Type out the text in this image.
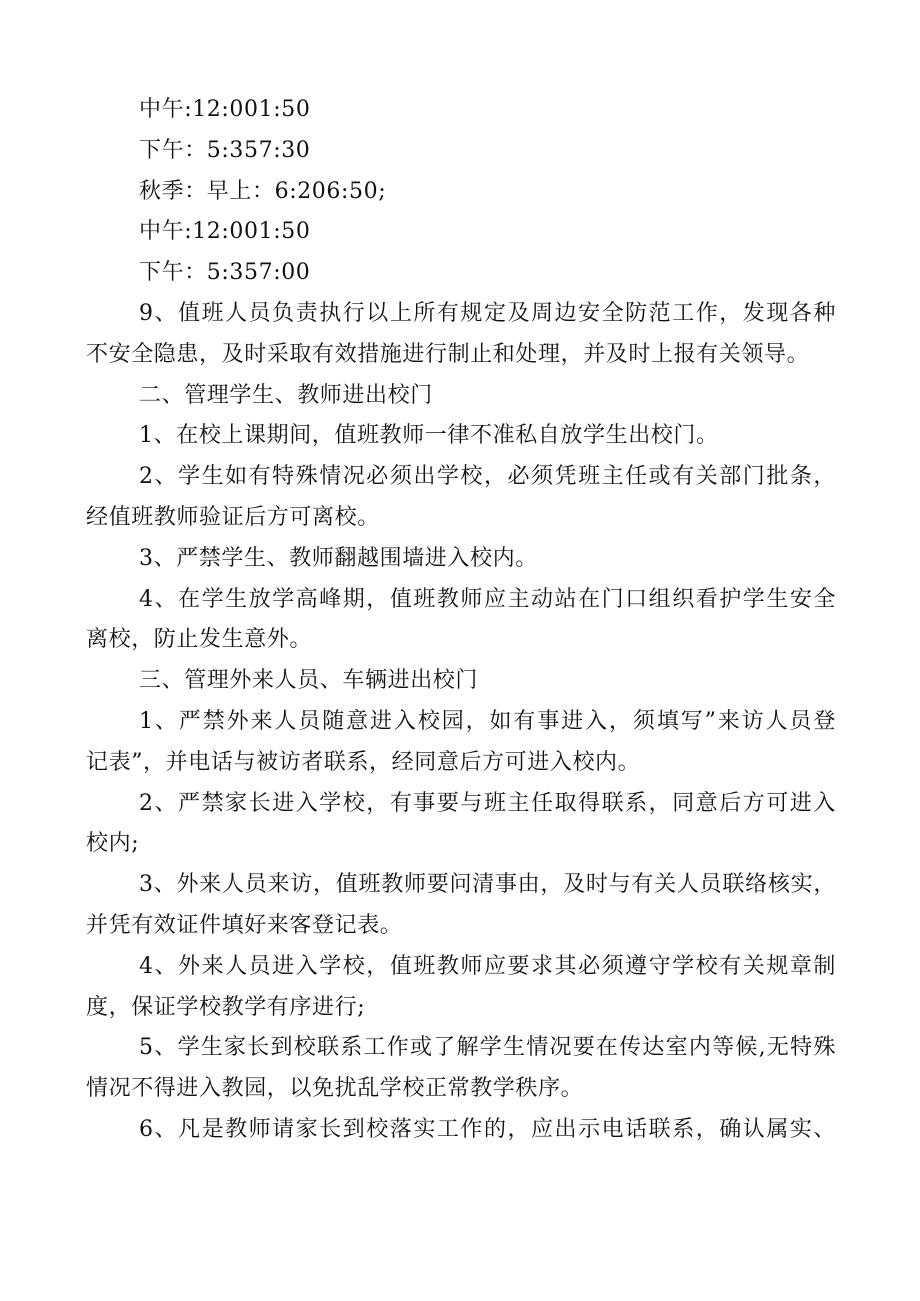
中午:12:001:50
下午：5:357:30
秋季：早上：6:206:50;
中午:12:001:50
下午：5:357:00
9、值班人员负责执行以上所有规定及周边安全防范工作，发现各种
不安全隐患，及时采取有效措施进行制止和处理，并及时上报有关领导。
二、管理学生、教师进出校门
1、在校上课期间，值班教师一律不准私自放学生出校门。
2、学生如有特殊情况必须出学校，必须凭班主任或有关部门批条，
经值班教师验证后方可离校。
3、严禁学生、教师翻越围墙进入校内。
4、在学生放学高峰期，值班教师应主动站在门口组织看护学生安全
离校，防止发生意外。
三、管理外来人员、车辆进出校门
1、严禁外来人员随意进入校园，如有事进入，须填写”来访人员登
记表”，并电话与被访者联系，经同意后方可进入校内。
2、严禁家长进入学校，有事要与班主任取得联系，同意后方可进入
校内;
3、外来人员来访，值班教师要问清事由，及时与有关人员联络核实，
并凭有效证件填好来客登记表。
4、外来人员进入学校，值班教师应要求其必须遵守学校有关规章制
度，保证学校教学有序进行;
5、学生家长到校联系工作或了解学生情况要在传达室内等候,无特殊
情况不得进入教园，以免扰乱学校正常教学秩序。
6、凡是教师请家长到校落实工作的，应出示电话联系，确认属实、
